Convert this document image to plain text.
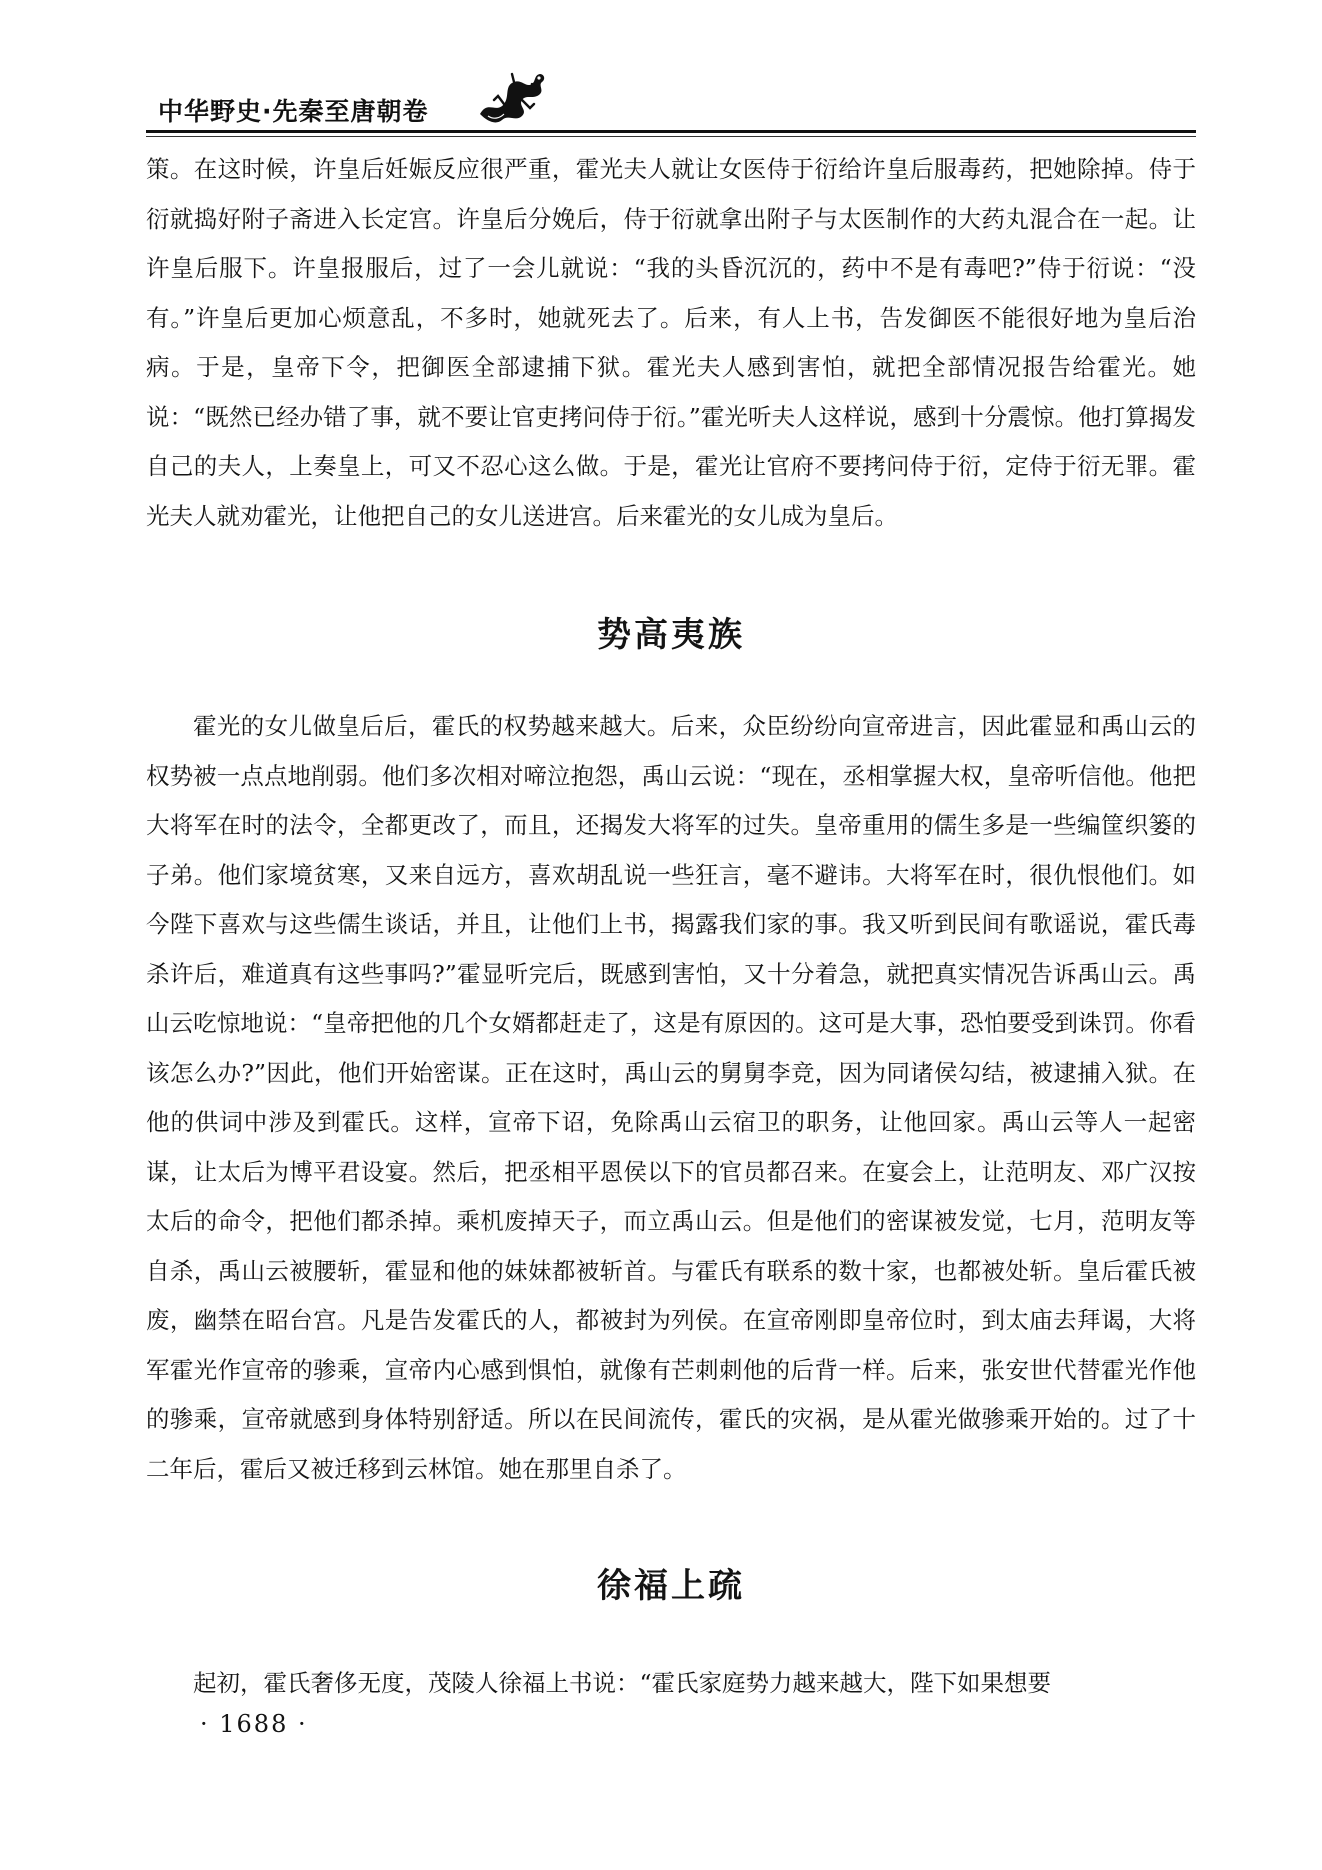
中华野史·先秦至唐朝卷

策。在这时候，许皇后妊娠反应很严重，霍光夫人就让女医侍于衍给许皇后服毒药，把她除掉。侍于衍就捣好附子斋进入长定宫。许皇后分娩后，侍于衍就拿出附子与太医制作的大药丸混合在一起。让许皇后服下。许皇报服后，过了一会儿就说：“我的头昏沉沉的，药中不是有毒吧?”侍于衍说：“没有。”许皇后更加心烦意乱，不多时，她就死去了。后来，有人上书，告发御医不能很好地为皇后治病。于是，皇帝下令，把御医全部逮捕下狱。霍光夫人感到害怕，就把全部情况报告给霍光。她说：“既然已经办错了事，就不要让官吏拷问侍于衍。”霍光听夫人这样说，感到十分震惊。他打算揭发自己的夫人，上奏皇上，可又不忍心这么做。于是，霍光让官府不要拷问侍于衍，定侍于衍无罪。霍光夫人就劝霍光，让他把自己的女儿送进宫。后来霍光的女儿成为皇后。

势高夷族

霍光的女儿做皇后后，霍氏的权势越来越大。后来，众臣纷纷向宣帝进言，因此霍显和禹山云的权势被一点点地削弱。他们多次相对啼泣抱怨，禹山云说：“现在，丞相掌握大权，皇帝听信他。他把大将军在时的法令，全都更改了，而且，还揭发大将军的过失。皇帝重用的儒生多是一些编筐织篓的子弟。他们家境贫寒，又来自远方，喜欢胡乱说一些狂言，毫不避讳。大将军在时，很仇恨他们。如今陛下喜欢与这些儒生谈话，并且，让他们上书，揭露我们家的事。我又听到民间有歌谣说，霍氏毒杀许后，难道真有这些事吗?”霍显听完后，既感到害怕，又十分着急，就把真实情况告诉禹山云。禹山云吃惊地说：“皇帝把他的几个女婿都赶走了，这是有原因的。这可是大事，恐怕要受到诛罚。你看该怎么办?”因此，他们开始密谋。正在这时，禹山云的舅舅李竞，因为同诸侯勾结，被逮捕入狱。在他的供词中涉及到霍氏。这样，宣帝下诏，免除禹山云宿卫的职务，让他回家。禹山云等人一起密谋，让太后为博平君设宴。然后，把丞相平恩侯以下的官员都召来。在宴会上，让范明友、邓广汉按太后的命令，把他们都杀掉。乘机废掉天子，而立禹山云。但是他们的密谋被发觉，七月，范明友等自杀，禹山云被腰斩，霍显和他的妹妹都被斩首。与霍氏有联系的数十家，也都被处斩。皇后霍氏被废，幽禁在昭台宫。凡是告发霍氏的人，都被封为列侯。在宣帝刚即皇帝位时，到太庙去拜谒，大将军霍光作宣帝的骖乘，宣帝内心感到惧怕，就像有芒刺刺他的后背一样。后来，张安世代替霍光作他的骖乘，宣帝就感到身体特别舒适。所以在民间流传，霍氏的灾祸，是从霍光做骖乘开始的。过了十二年后，霍后又被迁移到云林馆。她在那里自杀了。

徐福上疏

起初，霍氏奢侈无度，茂陵人徐福上书说：“霍氏家庭势力越来越大，陛下如果想要

· 1688 ·
